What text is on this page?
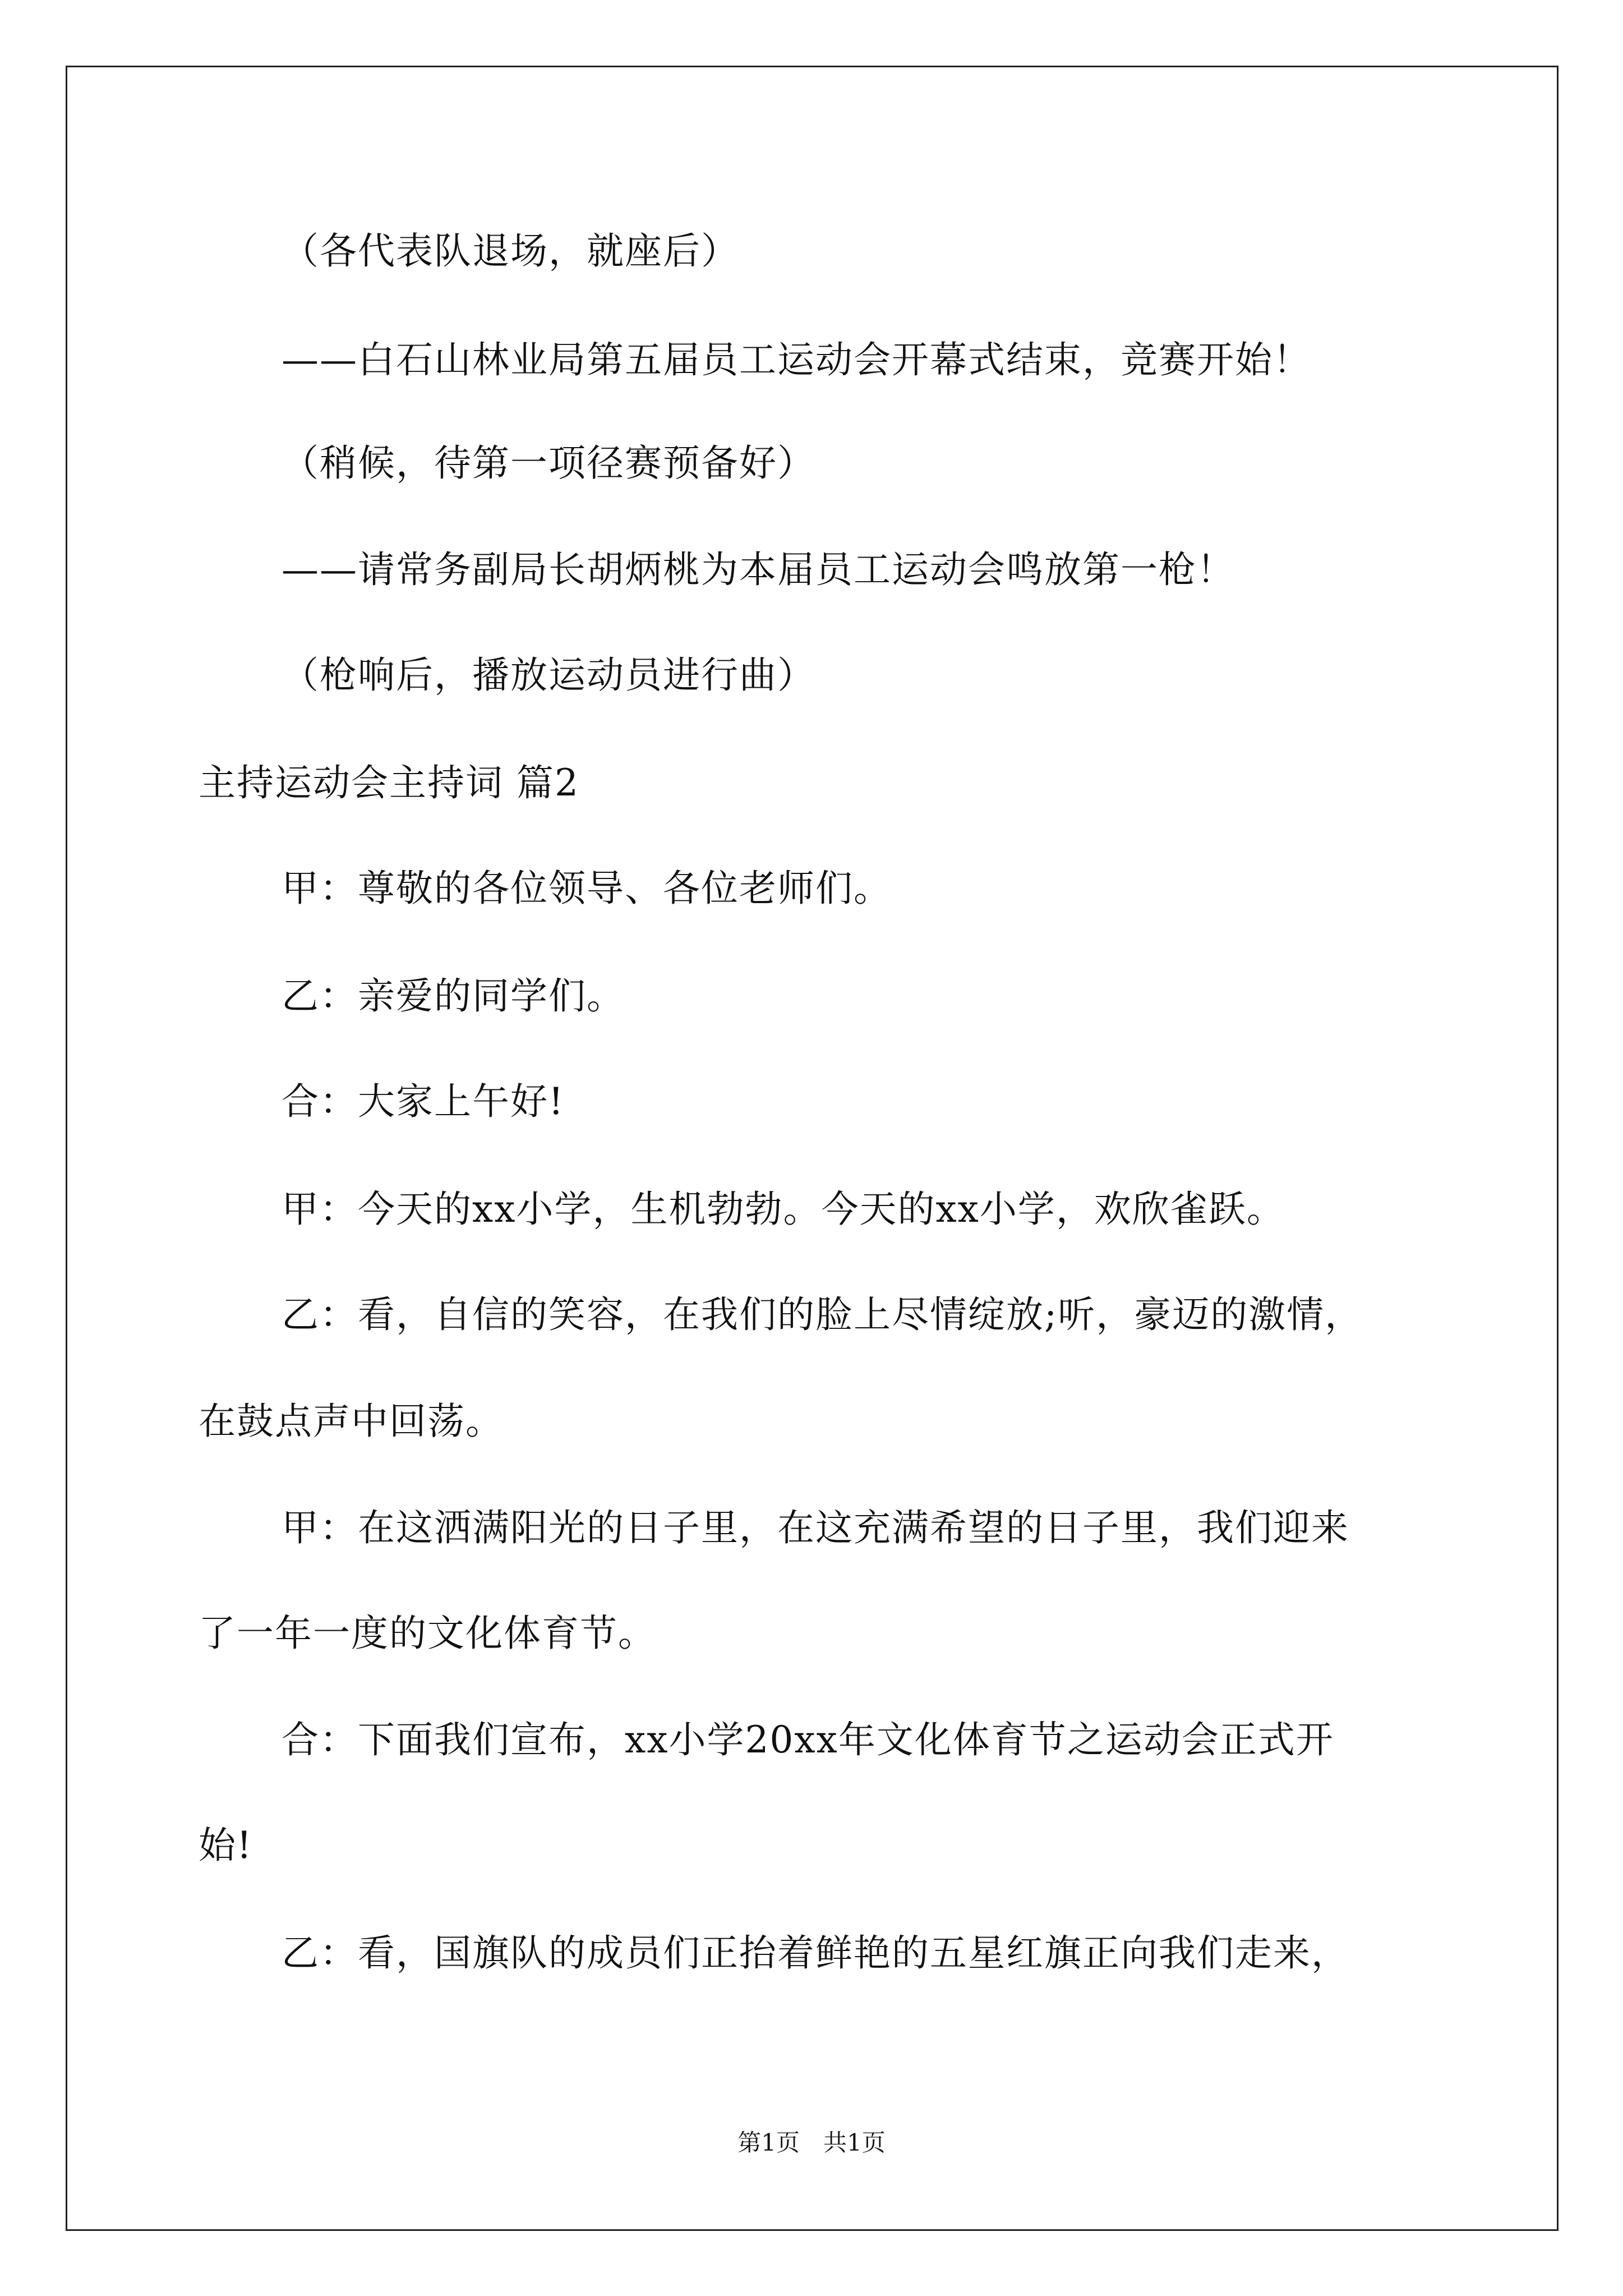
（各代表队退场，就座后）
——白石山林业局第五届员工运动会开幕式结束，竞赛开始！
（稍候，待第一项径赛预备好）
——请常务副局长胡炳桃为本届员工运动会鸣放第一枪！
（枪响后，播放运动员进行曲）
主持运动会主持词 篇2
甲：尊敬的各位领导、各位老师们。
乙：亲爱的同学们。
合：大家上午好!
甲：今天的xx小学，生机勃勃。今天的xx小学，欢欣雀跃。
乙：看，自信的笑容，在我们的脸上尽情绽放;听，豪迈的激情，
在鼓点声中回荡。
甲：在这洒满阳光的日子里，在这充满希望的日子里，我们迎来
了一年一度的文化体育节。
合：下面我们宣布，xx小学20xx年文化体育节之运动会正式开
始!
乙：看，国旗队的成员们正抬着鲜艳的五星红旗正向我们走来，
第1页　共1页
